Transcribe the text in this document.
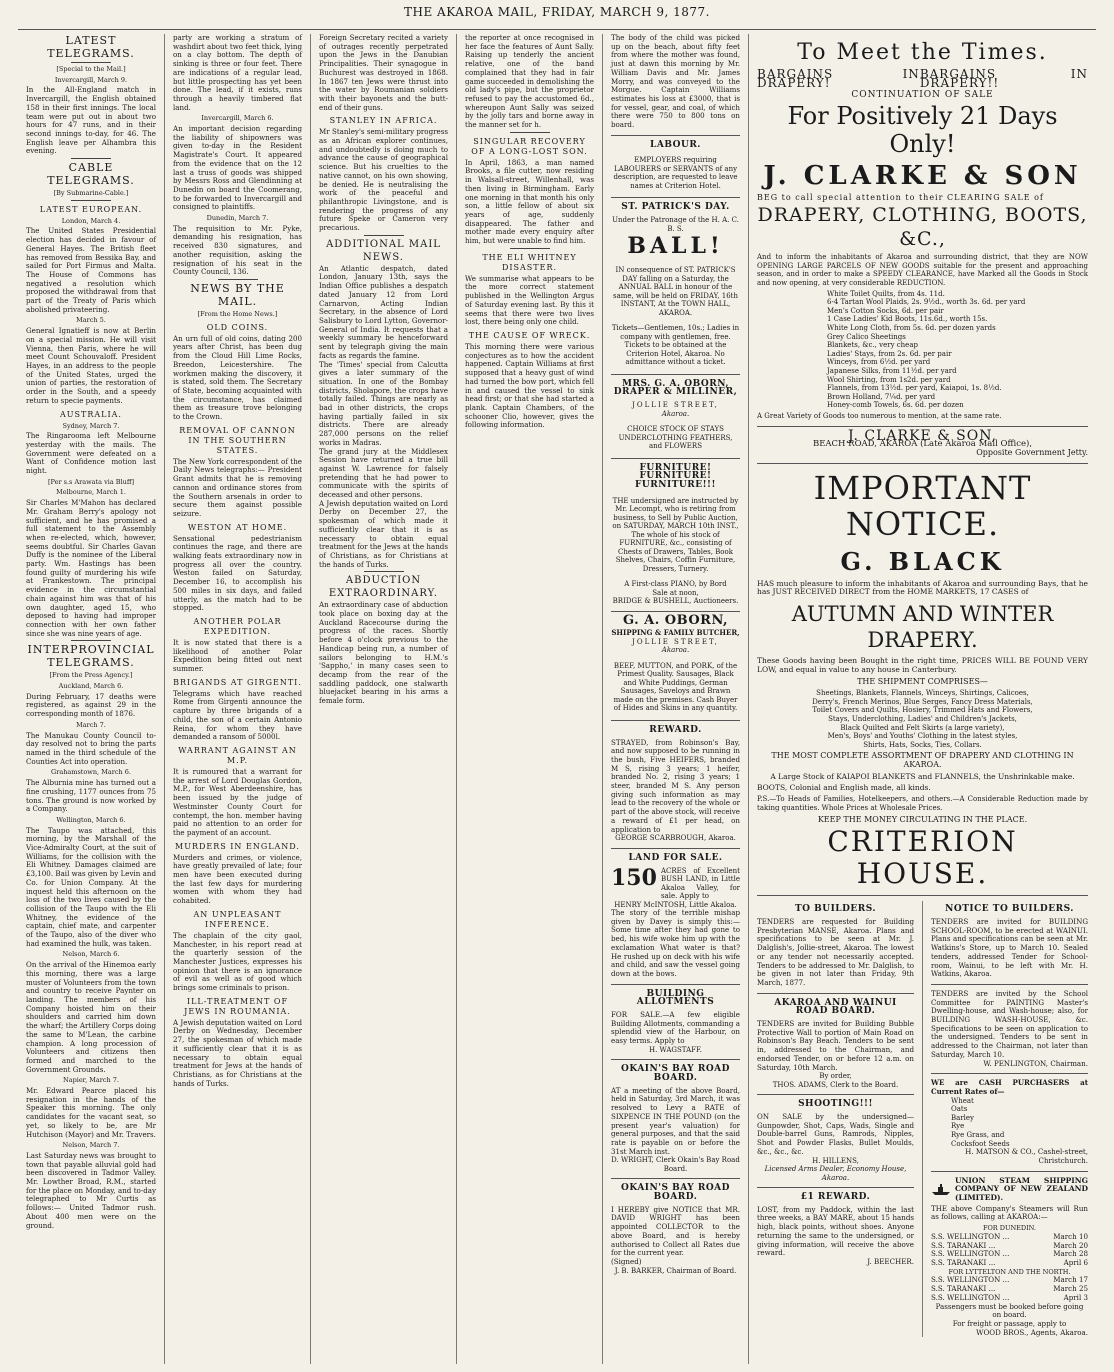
THE AKAROA MAIL, FRIDAY, MARCH 9, 1877.
LATEST TELEGRAMS.
[Special to the Mail.]
Invercargill, March 9.

In the All-England match in Invercargill, the English obtained 158 in their first innings. The local team were put out in about two hours for 47 runs, and in their second innings to-day, for 46. The English leave per Alhambra this evening.

CABLE TELEGRAMS.
[By Submarine-Cable.]
LATEST EUROPEAN.
London, March 4.

The United States Presidential election has decided in favour of General Hayes. The British fleet has removed from Bessika Bay, and sailed for Port Firmus and Malta. The House of Commons has negatived a resolution which proposed the withdrawal from that part of the Treaty of Paris which abolished privateering.

March 5.

General Ignatieff is now at Berlin on a special mission. He will visit Vienna, then Paris, where he will meet Count Schouvaloff. President Hayes, in an address to the people of the United States, urged the union of parties, the restoration of order in the South, and a speedy return to specie payments.

AUSTRALIA.
Sydney, March 7.

The Ringarooma left Melbourne yesterday with the mails. The Government were defeated on a Want of Confidence motion last night.

[Per s.s Arawata via Bluff]
Melbourne, March 1.

Sir Charles M'Mahon has declared Mr. Graham Berry's apology not sufficient, and he has promised a full statement to the Assembly when re-elected, which, however, seems doubtful. Sir Charles Gavan Duffy is the nominee of the Liberal party. Wm. Hastings has been found guilty of murdering his wife at Frankestown. The principal evidence in the circumstantial chain against him was that of his own daughter, aged 15, who deposed to having had improper connection with her own father since she was nine years of age.

INTERPROVINCIAL TELEGRAMS.
[From the Press Agency.]
Auckland, March 6.

During February, 17 deaths were registered, as against 29 in the corresponding month of 1876.

March 7.

The Manukau County Council to-day resolved not to bring the parts named in the third schedule of the Counties Act into operation.

Grahamstown, March 6.

The Alburnia mine has turned out a fine crushing, 1177 ounces from 75 tons. The ground is now worked by a Company.

Wellington, March 6.

The Taupo was attached, this morning, by the Marshall of the Vice-Admiralty Court, at the suit of Williams, for the collision with the Eli Whitney. Damages claimed are £3,100. Bail was given by Levin and Co. for Union Company. At the inquest held this afternoon on the loss of the two lives caused by the collision of the Taupo with the Eli Whitney, the evidence of the captain, chief mate, and carpenter of the Taupo, also of the diver who had examined the hulk, was taken.

Nelson, March 6.

On the arrival of the Hinemoa early this morning, there was a large muster of Volunteers from the town and country to receive Paynter on landing. The members of his Company hoisted him on their shoulders and carried him down the wharf; the Artillery Corps doing the same to M'Lean, the carbine champion. A long procession of Volunteers and citizens then formed and marched to the Government Grounds.

Napier, March 7.

Mr. Edward Pearce placed his resignation in the hands of the Speaker this morning. The only candidates for the vacant seat, so yet, so likely to be, are Mr Hutchison (Mayor) and Mr. Travers.

Nelson, March 7.

Last Saturday news was brought to town that payable alluvial gold had been discovered in Tadmor Valley. Mr. Lowther Broad, R.M., started for the place on Monday, and to-day telegraphed to Mr Curtis as follows:— United Tadmor rush. About 400 men were on the ground.

party are working a stratum of washdirt about two feet thick, lying on a clay bottom. The depth of sinking is three or four feet. There are indications of a regular lead, but little prospecting has yet been done. The lead, if it exists, runs through a heavily timbered flat land.

Invercargill, March 6.

An important decision regarding the liability of shipowners was given to-day in the Resident Magistrate's Court. It appeared from the evidence that on the 12 last a truss of goods was shipped by Messrs Ross and Glendinning at Dunedin on board the Coomerang, to be forwarded to Invercargill and consigned to plaintiffs.

Dunedin, March 7.

The requisition to Mr. Pyke, demanding his resignation, has received 830 signatures, and another requisition, asking the resignation of his seat in the County Council, 136.

NEWS BY THE MAIL.
[From the Home News.]
OLD COINS.

An urn full of old coins, dating 200 years after Christ, has been dug from the Cloud Hill Lime Rocks, Breedon, Leicestershire. The workmen making the discovery, it is stated, sold them. The Secretary of State, becoming acquainted with the circumstance, has claimed them as treasure trove belonging to the Crown.

REMOVAL OF CANNON IN THE SOUTHERN STATES.

The New York correspondent of the Daily News telegraphs:— President Grant admits that he is removing cannon and ordinance stores from the Southern arsenals in order to secure them against possible seizure.

WESTON AT HOME.

Sensational pedestrianism continues the rage, and there are walking feats extraordinary now in progress all over the country. Weston failed on Saturday, December 16, to accomplish his 500 miles in six days, and failed utterly, as the match had to be stopped.

ANOTHER POLAR EXPEDITION.

It is now stated that there is a likelihood of another Polar Expedition being fitted out next summer.

BRIGANDS AT GIRGENTI.

Telegrams which have reached Rome from Girgenti announce the capture by three brigands of a child, the son of a certain Antonio Reina, for whom they have demanded a ransom of 5000l.

WARRANT AGAINST AN M.P.

It is rumoured that a warrant for the arrest of Lord Douglas Gordon, M.P., for West Aberdeenshire, has been issued by the judge of Westminster County Court for contempt, the hon. member having paid no attention to an order for the payment of an account.

MURDERS IN ENGLAND.

Murders and crimes, or violence, have greatly prevailed of late; four men have been executed during the last few days for murdering women with whom they had cohabited.

AN UNPLEASANT INFERENCE.

The chaplain of the city gaol, Manchester, in his report read at the quarterly session of the Manchester Justices, expresses his opinion that there is an ignorance of evil as well as of good which brings some criminals to prison.

ILL-TREATMENT OF JEWS IN ROUMANIA.

A Jewish deputation waited on Lord Derby on Wednesday, December 27, the spokesman of which made it sufficiently clear that it is as necessary to obtain equal treatment for Jews at the hands of Christians, as for Christians at the hands of Turks.

Foreign Secretary recited a variety of outrages recently perpetrated upon the Jews in the Danubian Principalities. Their synagogue in Buchurest was destroyed in 1868. In 1867 ten Jews were thrust into the water by Roumanian soldiers with their bayonets and the butt-end of their guns.

STANLEY IN AFRICA.

Mr Stanley's semi-military progress as an African explorer continues, and undoubtedly is doing much to advance the cause of geographical science. But his cruelties to the native cannot, on his own showing, be denied. He is neutralising the work of the peaceful and philanthropic Livingstone, and is rendering the progress of any future Speke or Cameron very precarious.

ADDITIONAL MAIL NEWS.

An Atlantic despatch, dated London, January 13th, says the Indian Office publishes a despatch dated January 12 from Lord Carnarvon, Acting Indian Secretary, in the absence of Lord Salisbury to Lord Lytton, Governor-General of India. It requests that a weekly summary be henceforward sent by telegraph giving the main facts as regards the famine.

The 'Times' special from Calcutta gives a later summary of the situation. In one of the Bombay districts, Sholapore, the crops have totally failed. Things are nearly as bad in other districts, the crops having partially failed in six districts. There are already 287,000 persons on the relief works in Madras.

The grand jury at the Middlesex Session have returned a true bill against W. Lawrence for falsely pretending that he had power to communicate with the spirits of deceased and other persons.

A Jewish deputation waited on Lord Derby on December 27, the spokesman of which made it sufficiently clear that it is as necessary to obtain equal treatment for the Jews at the hands of Christians, as for Christians at the hands of Turks.

ABDUCTION EXTRAORDINARY.

An extraordinary case of abduction took place on boxing day at the Auckland Racecourse during the progress of the races. Shortly before 4 o'clock previous to the Handicap being run, a number of sailors belonging to H.M.'s 'Sappho,' in many cases seen to decamp from the rear of the saddling paddock, one stalwarth bluejacket bearing in his arms a female form.

the reporter at once recognised in her face the features of Aunt Sally. Raising up tenderly the ancient relative, one of the band complained that they had in fair game succeeded in demolishing the old lady's pipe, but the proprietor refused to pay the accustomed 6d., whereupon Aunt Sally was seized by the jolly tars and borne away in the manner set for h.

SINGULAR RECOVERY OF A LONG-LOST SON.

In April, 1863, a man named Brooks, a file cutter, now residing in Walsall-street, Willenhall, was then living in Birmingham. Early one morning in that month his only son, a little fellow of about six years of age, suddenly disappeared. The father and mother made every enquiry after him, but were unable to find him.

THE ELI WHITNEY DISASTER.

We summarise what appears to be the more correct statement published in the Wellington Argus of Saturday evening last. By this it seems that there were two lives lost, there being only one child.

THE CAUSE OF WRECK.

This morning there were various conjectures as to how the accident happened. Captain Williams at first supposed that a heavy gust of wind had turned the bow port, which fell in and caused the vessel to sink head first; or that she had started a plank. Captain Chambers, of the schooner Clio, however, gives the following information.

The body of the child was picked up on the beach, about fifty feet from where the mother was found, just at dawn this morning by Mr. William Davis and Mr. James Morry, and was conveyed to the Morgue. Captain Williams estimates his loss at £3000, that is for vessel, gear, and coal, of which there were 750 to 800 tons on board.

LABOUR.

EMPLOYERS requiring LABOURERS or SERVANTS of any description, are requested to leave names at Criterion Hotel.

ST. PATRICK'S DAY.
Under the Patronage of the H. A. C. B. S.
BALL!

IN consequence of ST. PATRICK'S DAY falling on a Saturday, the ANNUAL BALL in honour of the same, will be held on FRIDAY, 16th INSTANT, At the TOWN HALL, AKAROA.

Tickets—Gentlemen, 10s.; Ladies in company with gentlemen, free. Tickets to be obtained at the Criterion Hotel, Akaroa. No admittance without a ticket.

MRS. G. A. OBORN, DRAPER & MILLINER,
JOLLIE STREET,
Akaroa.

CHOICE STOCK OF STAYS UNDERCLOTHING FEATHERS, and FLOWERS

FURNITURE! FURNITURE! FURNITURE!!!

THE undersigned are instructed by Mr. Lecompt, who is retiring from business, to Sell by Public Auction, on SATURDAY, MARCH 10th INST., The whole of his stock of FURNITURE, &c., consisting of Chests of Drawers, Tables, Book Shelves, Chairs, Coffin Furniture, Dressers, Turnery.

A First-class PIANO, by Bord
Sale at noon,
BRIDGE & BUSHELL, Auctioneers.
G. A. OBORN,
SHIPPING & FAMILY BUTCHER,
JOLLIE STREET,
Akaroa.

BEEF, MUTTON, and PORK, of the Primest Quality. Sausages, Black and White Puddings, German Sausages, Saveloys and Brawn made on the premises. Cash Buyer of Hides and Skins in any quantity.

REWARD.

STRAYED, from Robinson's Bay, and now supposed to be running in the bush, Five HEIFERS, branded M S, rising 3 years; 1 heifer, branded No. 2, rising 3 years; 1 steer, branded M S. Any person giving such information as may lead to the recovery of the whole or part of the above stock, will receive a reward of £1 per head, on application to

GEORGE SCARBROUGH, Akaroa.
LAND FOR SALE.
150 ACRES of Excellent BUSH LAND, in Little Akaloa Valley, for sale. Apply to
HENRY McINTOSH, Little Akaloa.

The story of the terrible mishap given by Davey is simply this:—Some time after they had gone to bed, his wife woke him up with the exclamation What water is that? He rushed up on deck with his wife and child, and saw the vessel going down at the bows.

BUILDING ALLOTMENTS

FOR SALE.—A few eligible Building Allotments, commanding a splendid view of the Harbour, on easy terms. Apply to

H. WAGSTAFF.
OKAIN'S BAY ROAD BOARD.

AT a meeting of the above Board, held in Saturday, 3rd March, it was resolved to Levy a RATE of SIXPENCE IN THE POUND (on the present year's valuation) for general purposes, and that the said rate is payable on or before the 31st March inst.

D. WRIGHT, Clerk Okain's Bay Road Board.
OKAIN'S BAY ROAD BOARD.

I HEREBY give NOTICE that MR. DAVID WRIGHT has been appointed COLLECTOR to the above Board, and is hereby authorised to Collect all Rates due for the current year.

(Signed)
J. B. BARKER, Chairman of Board.
To Meet the Times.
BARGAINS IN DRAPERY!
BARGAINS IN DRAPERY!!
CONTINUATION OF SALE
For Positively 21 Days Only!
J. CLARKE & SON
BEG to call special attention to their CLEARING SALE of
DRAPERY, CLOTHING, BOOTS, &C.,

And to inform the inhabitants of Akaroa and surrounding district, that they are NOW OPENING LARGE PARCELS OF NEW GOODS suitable for the present and approaching season, and in order to make a SPEEDY CLEARANCE, have Marked all the Goods in Stock and now opening, at very considerable REDUCTION.

White Toilet Quilts, from 4s. 11d.
6-4 Tartan Wool Plaids, 2s. 9½d., worth 3s. 6d. per yard
Men's Cotton Socks, 6d. per pair
1 Case Ladies' Kid Boots, 11s.6d., worth 15s.
White Long Cloth, from 5s. 6d. per dozen yards
Grey Calico Sheetings
Blankets, &c., very cheap
Ladies' Stays, from 2s. 6d. per pair
Winceys, from 6½d. per yard
Japanese Silks, from 11½d. per yard
Wool Shirting, from 1s2d. per yard
Flannels, from 13½d. per yard, Kaiapoi, 1s. 8½d.
Brown Holland, 7¼d. per yard
Honey-comb Towels, 6s. 6d. per dozen
A Great Variety of Goods too numerous to mention, at the same rate.
J. CLARKE & SON,
BEACH ROAD, AKAROA (Late Akaroa Mail Office),
Opposite Government Jetty.
IMPORTANT NOTICE.
G. BLACK

HAS much pleasure to inform the inhabitants of Akaroa and surrounding Bays, that he has JUST RECEIVED DIRECT from the HOME MARKETS, 17 CASES of

AUTUMN AND WINTER DRAPERY.

These Goods having been Bought in the right time, PRICES WILL BE FOUND VERY LOW, and equal in value to any house in Canterbury.

THE SHIPMENT COMPRISES—
Sheetings, Blankets, Flannels, Winceys, Shirtings, Calicoes,
Derry's, French Merinos, Blue Serges, Fancy Dress Materials,
Toilet Covers and Quilts, Hosiery, Trimmed Hats and Flowers,
Stays, Underclothing, Ladies' and Children's Jackets,
Black Quilted and Felt Skirts (a large variety),
Men's, Boys' and Youths' Clothing in the latest styles,
Shirts, Hats, Socks, Ties, Collars.
THE MOST COMPLETE ASSORTMENT OF DRAPERY AND CLOTHING IN AKAROA.
A Large Stock of KAIAPOI BLANKETS and FLANNELS, the Unshrinkable make.
BOOTS, Colonial and English made, all kinds.

P.S.—To Heads of Families, Hotelkeepers, and others.—A Considerable Reduction made by taking quantities. Whole Prices at Wholesale Prices.

KEEP THE MONEY CIRCULATING IN THE PLACE.
CRITERION HOUSE.
TO BUILDERS.

TENDERS are requested for Building Presbyterian MANSE, Akaroa. Plans and specifications to be seen at Mr. J. Dalglish's, Jollie-street, Akaroa. The lowest or any tender not necessarily accepted. Tenders to be addressed to Mr. Dalglish, to be given in not later than Friday, 9th March, 1877.

AKAROA AND WAINUI ROAD BOARD.

TENDERS are invited for Building Bubble Protective Wall to portion of Main Road on Robinson's Bay Beach. Tenders to be sent in, addressed to the Chairman, and endorsed Tender, on or before 12 a.m. on Saturday, 10th March.

By order,
THOS. ADAMS, Clerk to the Board.
SHOOTING!!!

ON SALE by the undersigned— Gunpowder, Shot, Caps, Wads, Single and Double-barrel Guns, Ramrods, Nipples, Shot and Powder Flasks, Bullet Moulds, &c., &c., &c.

H. HILLENS,
Licensed Arms Dealer, Economy House, Akaroa.
£1 REWARD.

LOST, from my Paddock, within the last three weeks, a BAY MARE, about 15 hands high, black points, without shoes. Anyone returning the same to the undersigned, or giving information, will receive the above reward.

J. BEECHER.
NOTICE TO BUILDERS.

TENDERS are invited for BUILDING SCHOOL-ROOM, to be erected at WAINUI. Plans and specifications can be seen at Mr. Watkins's Store, up to March 10. Sealed tenders, addressed Tender for School-room, Wainui, to be left with Mr. H. Watkins, Akaroa.

TENDERS are invited by the School Committee for PAINTING Master's Dwelling-house, and Wash-house; also, for BUILDING WASH-HOUSE, &c. Specifications to be seen on application to the undersigned. Tenders to be sent in addressed to the Chairman, not later than Saturday, March 10.

W. PENLINGTON, Chairman.

WE are CASH PURCHASERS at Current Rates of—

Wheat
Oats
Barley
Rye
Rye Grass, and
Cocksfoot Seeds
H. MATSON & CO., Cashel-street, Christchurch.
UNION STEAM SHIPPING COMPANY OF NEW ZEALAND (LIMITED).

THE above Company's Steamers will Run as follows, calling at AKAROA:—

FOR DUNEDIN.
S.S. WELLINGTON ...	March 10
S.S. TARANAKI ...	March 20
S.S. WELLINGTON ...	March 28
S.S. TARANAKI ...	April 6
FOR LYTTELTON AND THE NORTH.
S.S. WELLINGTON ...	March 17
S.S. TARANAKI ...	March 25
S.S. WELLINGTON ...	April 3
Passengers must be booked before going on board.
For freight or passage, apply to
WOOD BROS., Agents, Akaroa.
